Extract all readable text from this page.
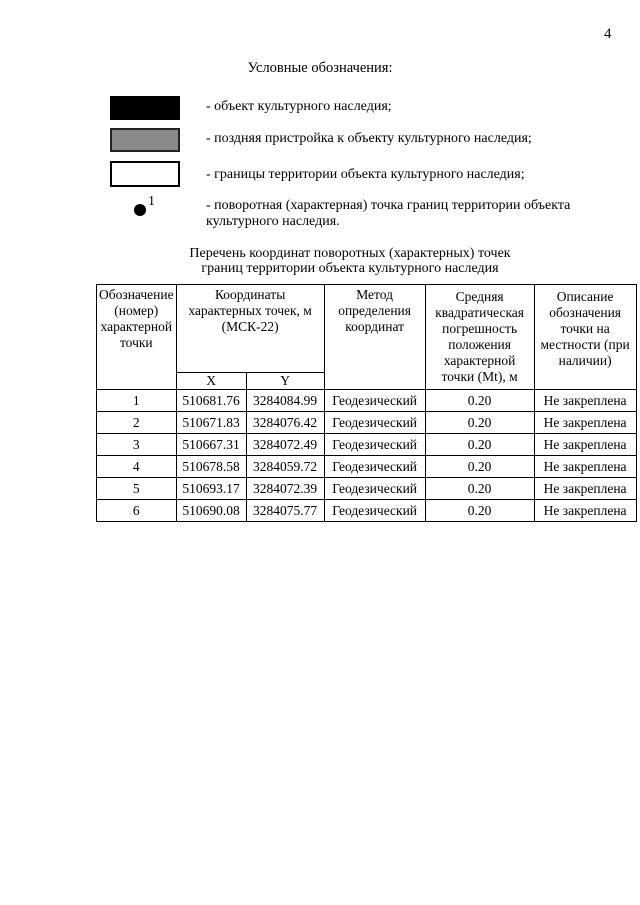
4
Условные обозначения:
- объект культурного наследия;
- поздняя пристройка к объекту культурного наследия;
- границы территории объекта культурного наследия;
1	- поворотная (характерная) точка границ территории объекта культурного наследия.
Перечень координат поворотных (характерных) точек
границ территории объекта культурного наследия
Обозначение (номер) характерной точки	Координаты характерных точек, м (МСК-22)		Метод определения координат	Средняя квадратическая погрешность положения характерной точки (Mt), м	Описание обозначения точки на местности (при наличии)
	X	Y			
1	510681.76	3284084.99	Геодезический	0.20	Не закреплена
2	510671.83	3284076.42	Геодезический	0.20	Не закреплена
3	510667.31	3284072.49	Геодезический	0.20	Не закреплена
4	510678.58	3284059.72	Геодезический	0.20	Не закреплена
5	510693.17	3284072.39	Геодезический	0.20	Не закреплена
6	510690.08	3284075.77	Геодезический	0.20	Не закреплена
